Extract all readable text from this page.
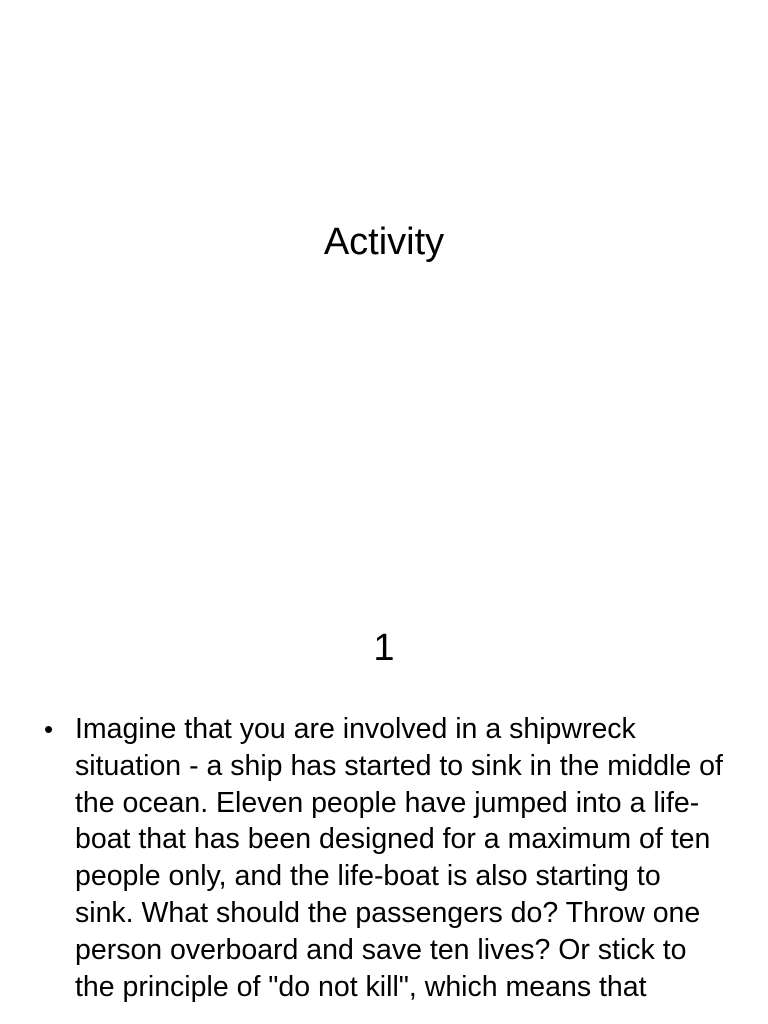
Activity
1
• Imagine that you are involved in a shipwreck situation - a ship has started to sink in the middle of the ocean. Eleven people have jumped into a life-boat that has been designed for a maximum of ten people only, and the life-boat is also starting to sink. What should the passengers do? Throw one person overboard and save ten lives? Or stick to the principle of "do not kill", which means that
